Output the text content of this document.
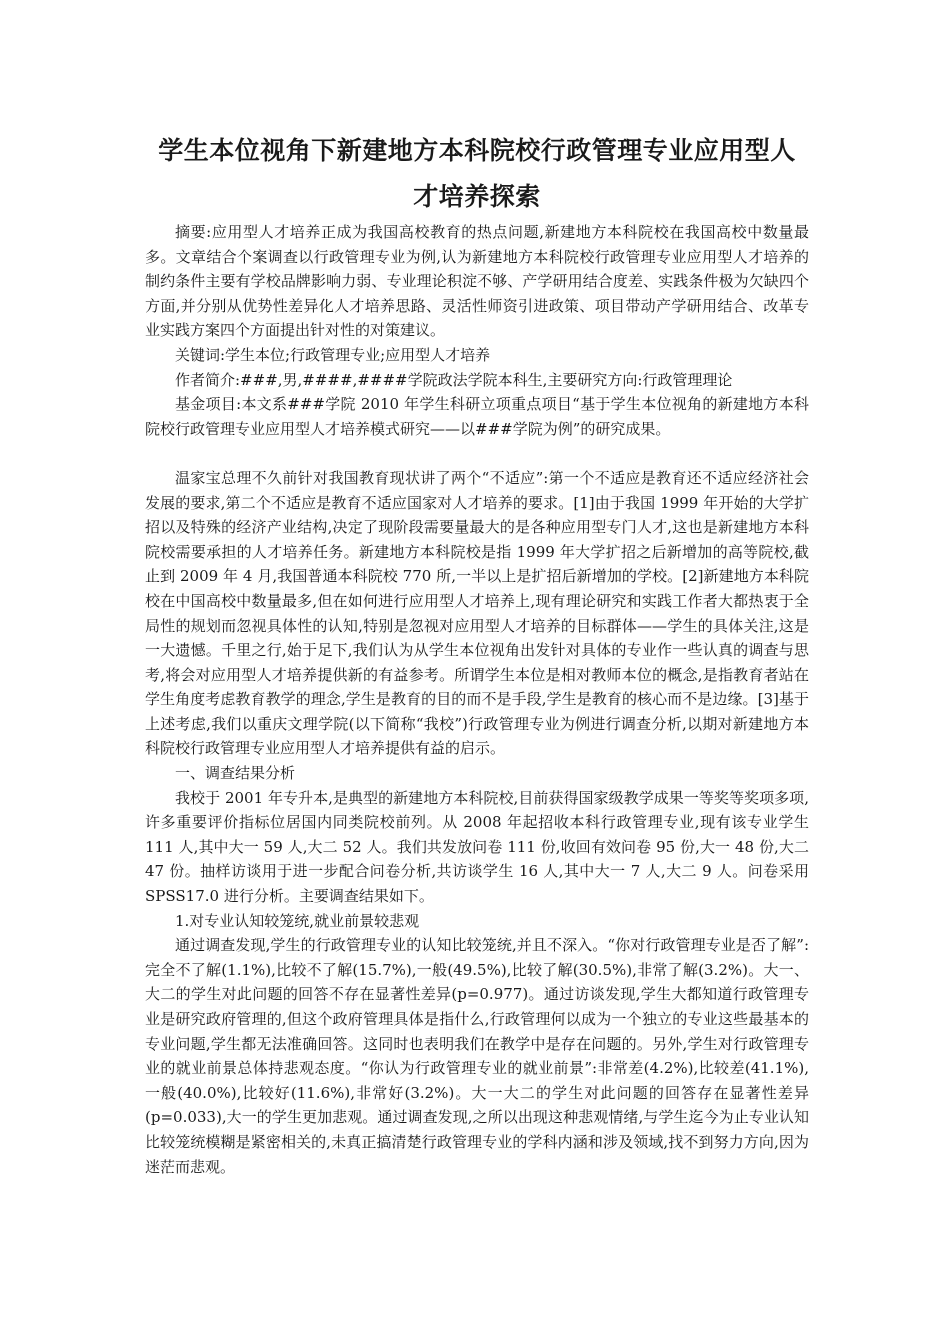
学生本位视角下新建地方本科院校行政管理专业应用型人
才培养探索

摘要:应用型人才培养正成为我国高校教育的热点问题,新建地方本科院校在我国高校中数量最多。文章结合个案调查以行政管理专业为例,认为新建地方本科院校行政管理专业应用型人才培养的制约条件主要有学校品牌影响力弱、专业理论积淀不够、产学研用结合度差、实践条件极为欠缺四个方面,并分别从优势性差异化人才培养思路、灵活性师资引进政策、项目带动产学研用结合、改革专业实践方案四个方面提出针对性的对策建议。

关键词:学生本位;行政管理专业;应用型人才培养

作者简介:###,男,####,####学院政法学院本科生,主要研究方向:行政管理理论

基金项目:本文系###学院 2010 年学生科研立项重点项目“基于学生本位视角的新建地方本科院校行政管理专业应用型人才培养模式研究——以###学院为例”的研究成果。

温家宝总理不久前针对我国教育现状讲了两个“不适应”:第一个不适应是教育还不适应经济社会发展的要求,第二个不适应是教育不适应国家对人才培养的要求。[1]由于我国 1999 年开始的大学扩招以及特殊的经济产业结构,决定了现阶段需要量最大的是各种应用型专门人才,这也是新建地方本科院校需要承担的人才培养任务。新建地方本科院校是指 1999 年大学扩招之后新增加的高等院校,截止到 2009 年 4 月,我国普通本科院校 770 所,一半以上是扩招后新增加的学校。[2]新建地方本科院校在中国高校中数量最多,但在如何进行应用型人才培养上,现有理论研究和实践工作者大都热衷于全局性的规划而忽视具体性的认知,特别是忽视对应用型人才培养的目标群体——学生的具体关注,这是一大遗憾。千里之行,始于足下,我们认为从学生本位视角出发针对具体的专业作一些认真的调查与思考,将会对应用型人才培养提供新的有益参考。所谓学生本位是相对教师本位的概念,是指教育者站在学生角度考虑教育教学的理念,学生是教育的目的而不是手段,学生是教育的核心而不是边缘。[3]基于上述考虑,我们以重庆文理学院(以下简称“我校”)行政管理专业为例进行调查分析,以期对新建地方本科院校行政管理专业应用型人才培养提供有益的启示。

一、调查结果分析

我校于 2001 年专升本,是典型的新建地方本科院校,目前获得国家级教学成果一等奖等奖项多项,许多重要评价指标位居国内同类院校前列。从 2008 年起招收本科行政管理专业,现有该专业学生 111 人,其中大一 59 人,大二 52 人。我们共发放问卷 111 份,收回有效问卷 95 份,大一 48 份,大二 47 份。抽样访谈用于进一步配合问卷分析,共访谈学生 16 人,其中大一 7 人,大二 9 人。问卷采用 SPSS17.0 进行分析。主要调查结果如下。

1.对专业认知较笼统,就业前景较悲观

通过调查发现,学生的行政管理专业的认知比较笼统,并且不深入。“你对行政管理专业是否了解”:完全不了解(1.1%),比较不了解(15.7%),一般(49.5%),比较了解(30.5%),非常了解(3.2%)。大一、大二的学生对此问题的回答不存在显著性差异(p=0.977)。通过访谈发现,学生大都知道行政管理专业是研究政府管理的,但这个政府管理具体是指什么,行政管理何以成为一个独立的专业这些最基本的专业问题,学生都无法准确回答。这同时也表明我们在教学中是存在问题的。另外,学生对行政管理专业的就业前景总体持悲观态度。“你认为行政管理专业的就业前景”:非常差(4.2%),比较差(41.1%),一般(40.0%),比较好(11.6%),非常好(3.2%)。大一大二的学生对此问题的回答存在显著性差异(p=0.033),大一的学生更加悲观。通过调查发现,之所以出现这种悲观情绪,与学生迄今为止专业认知比较笼统模糊是紧密相关的,未真正搞清楚行政管理专业的学科内涵和涉及领域,找不到努力方向,因为迷茫而悲观。
